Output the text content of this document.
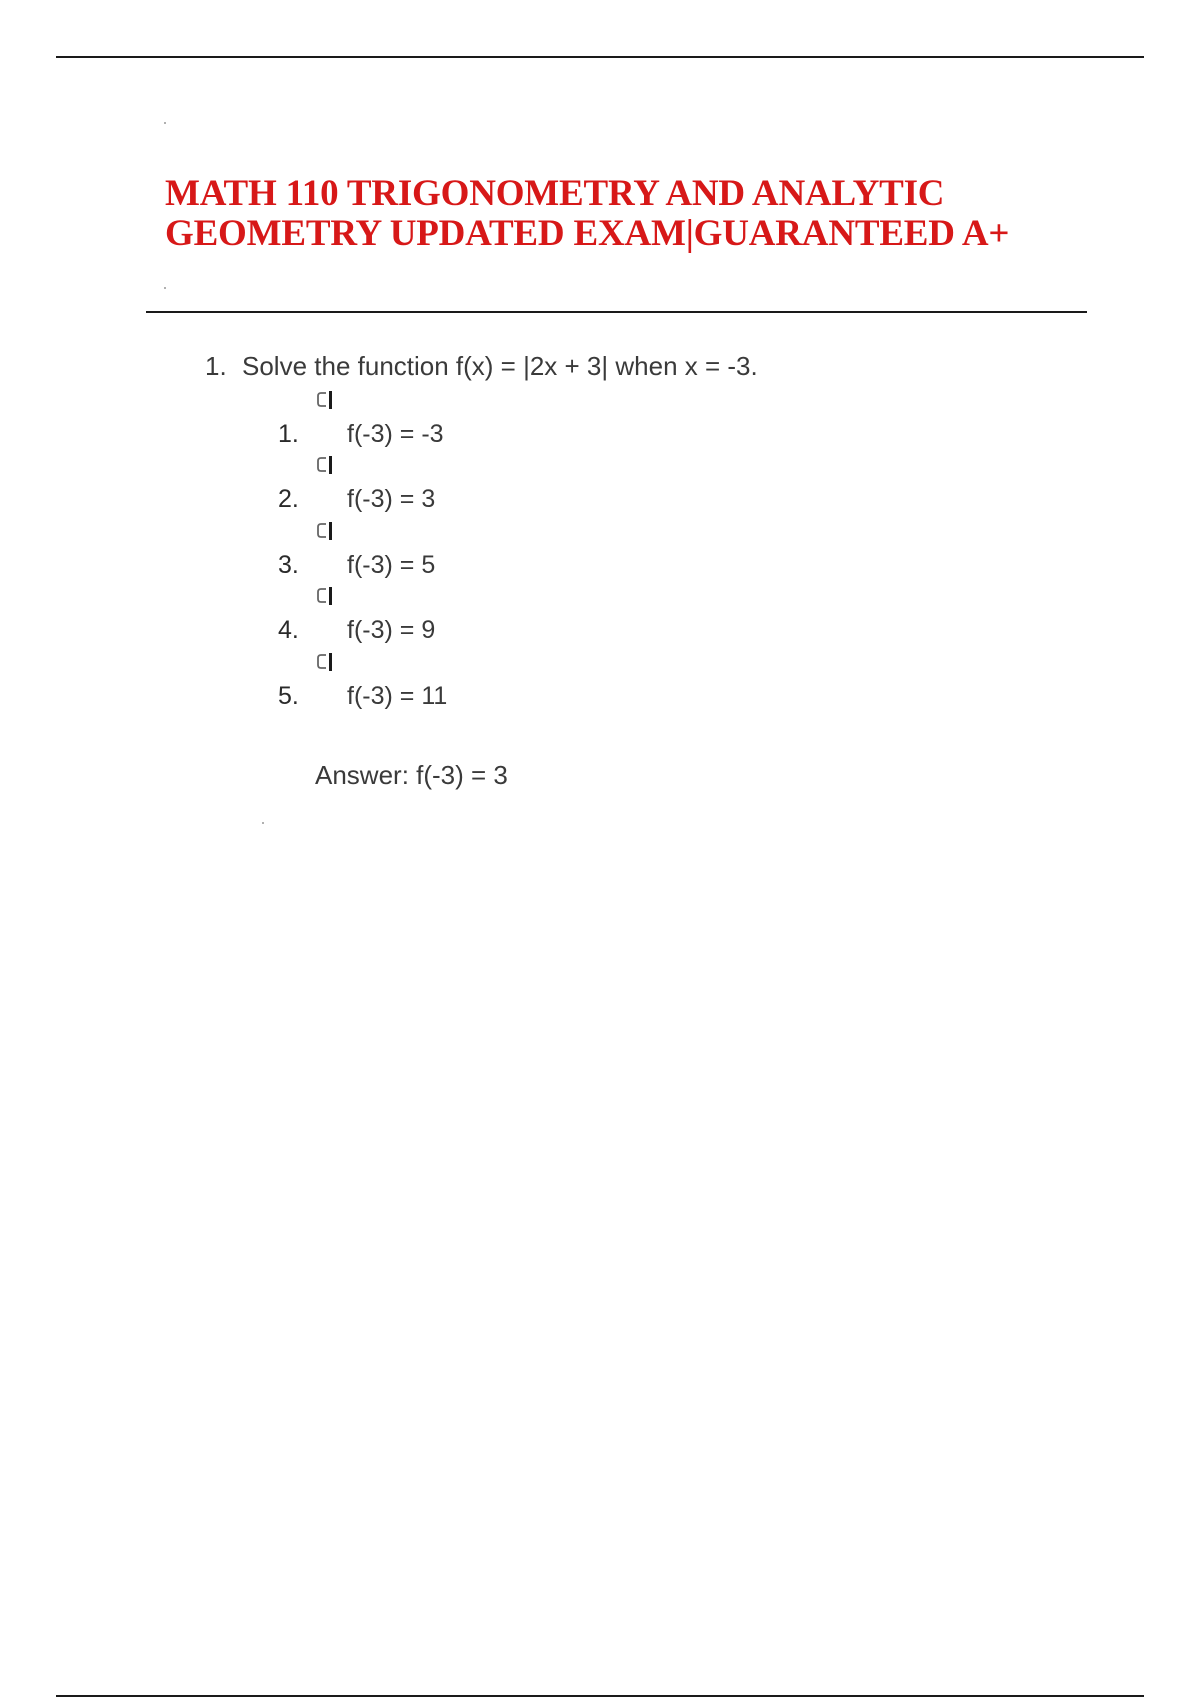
MATH 110 TRIGONOMETRY AND ANALYTIC
GEOMETRY UPDATED EXAM|GUARANTEED A+
1. Solve the function f(x) = |2x + 3| when x = -3.
1. f(-3) = -3
2. f(-3) = 3
3. f(-3) = 5
4. f(-3) = 9
5. f(-3) = 11
Answer: f(-3) = 3
